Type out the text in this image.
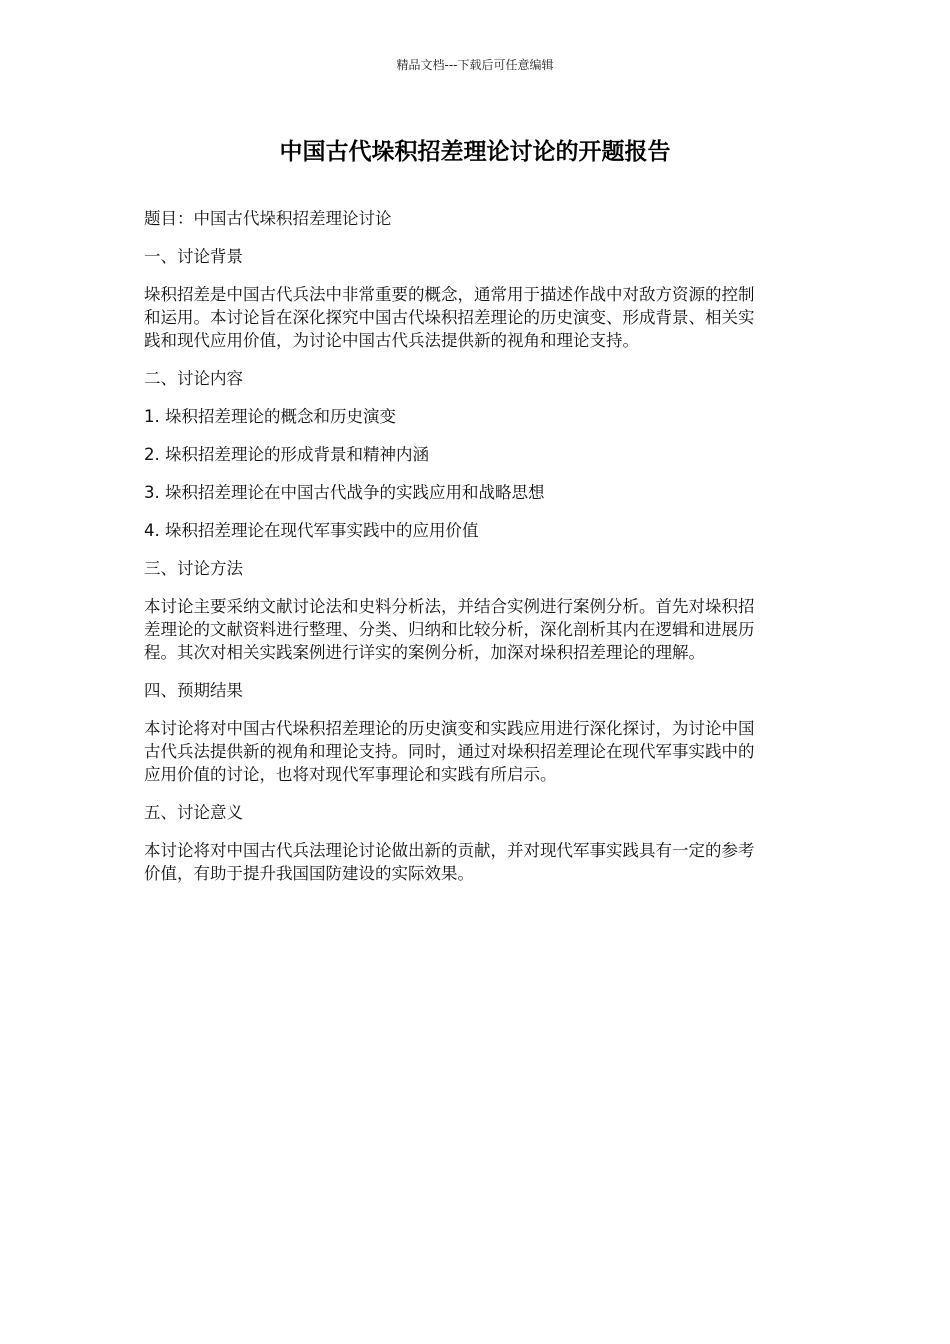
精品文档---下载后可任意编辑
中国古代垛积招差理论讨论的开题报告

题目：中国古代垛积招差理论讨论

一、讨论背景

垛积招差是中国古代兵法中非常重要的概念，通常用于描述作战中对敌方资源的控制
和运用。本讨论旨在深化探究中国古代垛积招差理论的历史演变、形成背景、相关实
践和现代应用价值，为讨论中国古代兵法提供新的视角和理论支持。

二、讨论内容

1. 垛积招差理论的概念和历史演变

2. 垛积招差理论的形成背景和精神内涵

3. 垛积招差理论在中国古代战争的实践应用和战略思想

4. 垛积招差理论在现代军事实践中的应用价值

三、讨论方法

本讨论主要采纳文献讨论法和史料分析法，并结合实例进行案例分析。首先对垛积招
差理论的文献资料进行整理、分类、归纳和比较分析，深化剖析其内在逻辑和进展历
程。其次对相关实践案例进行详实的案例分析，加深对垛积招差理论的理解。

四、预期结果

本讨论将对中国古代垛积招差理论的历史演变和实践应用进行深化探讨，为讨论中国
古代兵法提供新的视角和理论支持。同时，通过对垛积招差理论在现代军事实践中的
应用价值的讨论，也将对现代军事理论和实践有所启示。

五、讨论意义

本讨论将对中国古代兵法理论讨论做出新的贡献，并对现代军事实践具有一定的参考
价值，有助于提升我国国防建设的实际效果。
